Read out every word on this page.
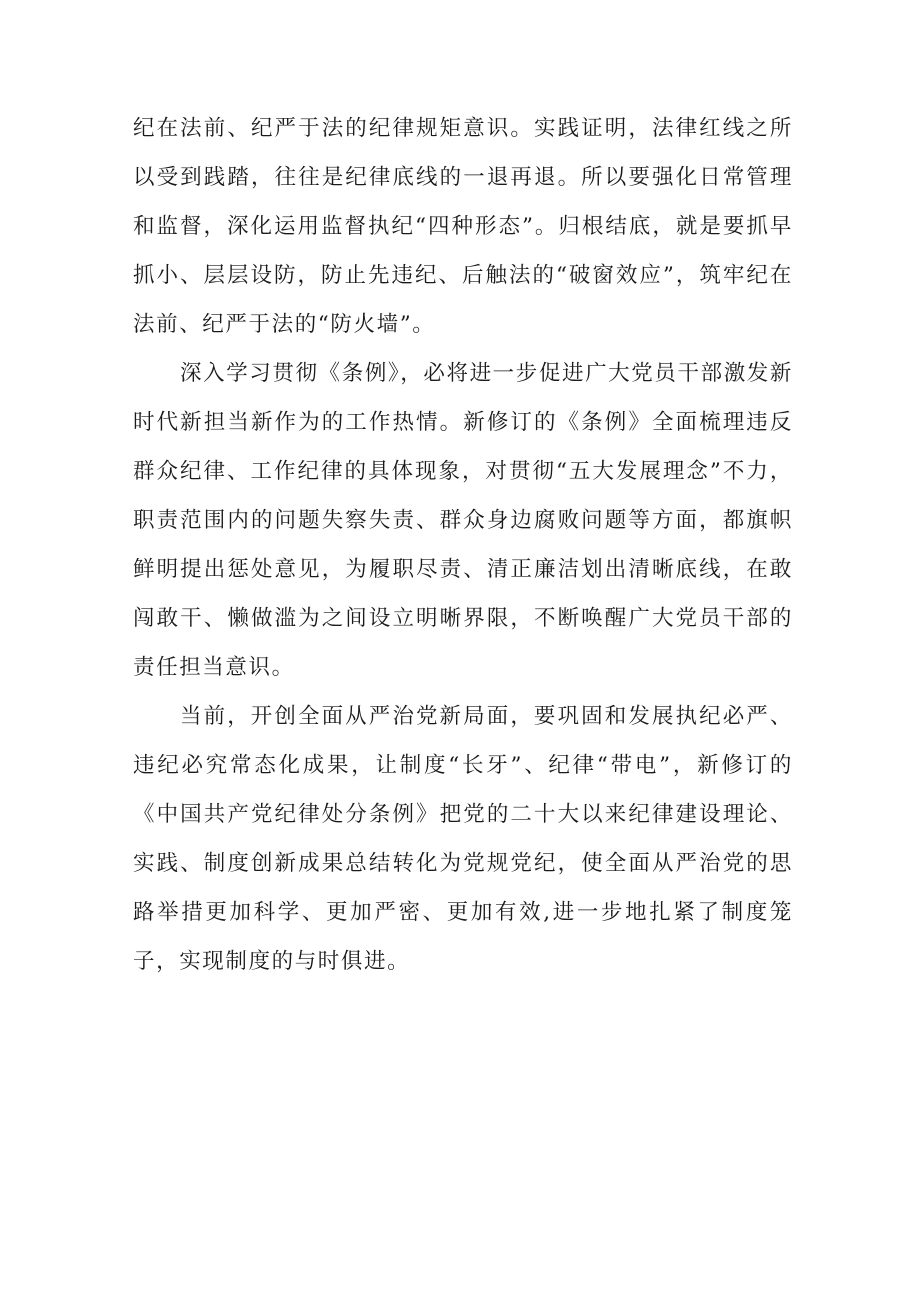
纪在法前、纪严于法的纪律规矩意识。实践证明，法律红线之所以受到践踏，往往是纪律底线的一退再退。所以要强化日常管理和监督，深化运用监督执纪“四种形态”。归根结底，就是要抓早抓小、层层设防，防止先违纪、后触法的“破窗效应”，筑牢纪在法前、纪严于法的“防火墙”。

深入学习贯彻《条例》，必将进一步促进广大党员干部激发新时代新担当新作为的工作热情。新修订的《条例》全面梳理违反群众纪律、工作纪律的具体现象，对贯彻“五大发展理念”不力，职责范围内的问题失察失责、群众身边腐败问题等方面，都旗帜鲜明提出惩处意见，为履职尽责、清正廉洁划出清晰底线，在敢闯敢干、懒做滥为之间设立明晰界限，不断唤醒广大党员干部的责任担当意识。

当前，开创全面从严治党新局面，要巩固和发展执纪必严、违纪必究常态化成果，让制度“长牙”、纪律“带电”，新修订的《中国共产党纪律处分条例》把党的二十大以来纪律建设理论、实践、制度创新成果总结转化为党规党纪，使全面从严治党的思路举措更加科学、更加严密、更加有效,进一步地扎紧了制度笼子，实现制度的与时俱进。
